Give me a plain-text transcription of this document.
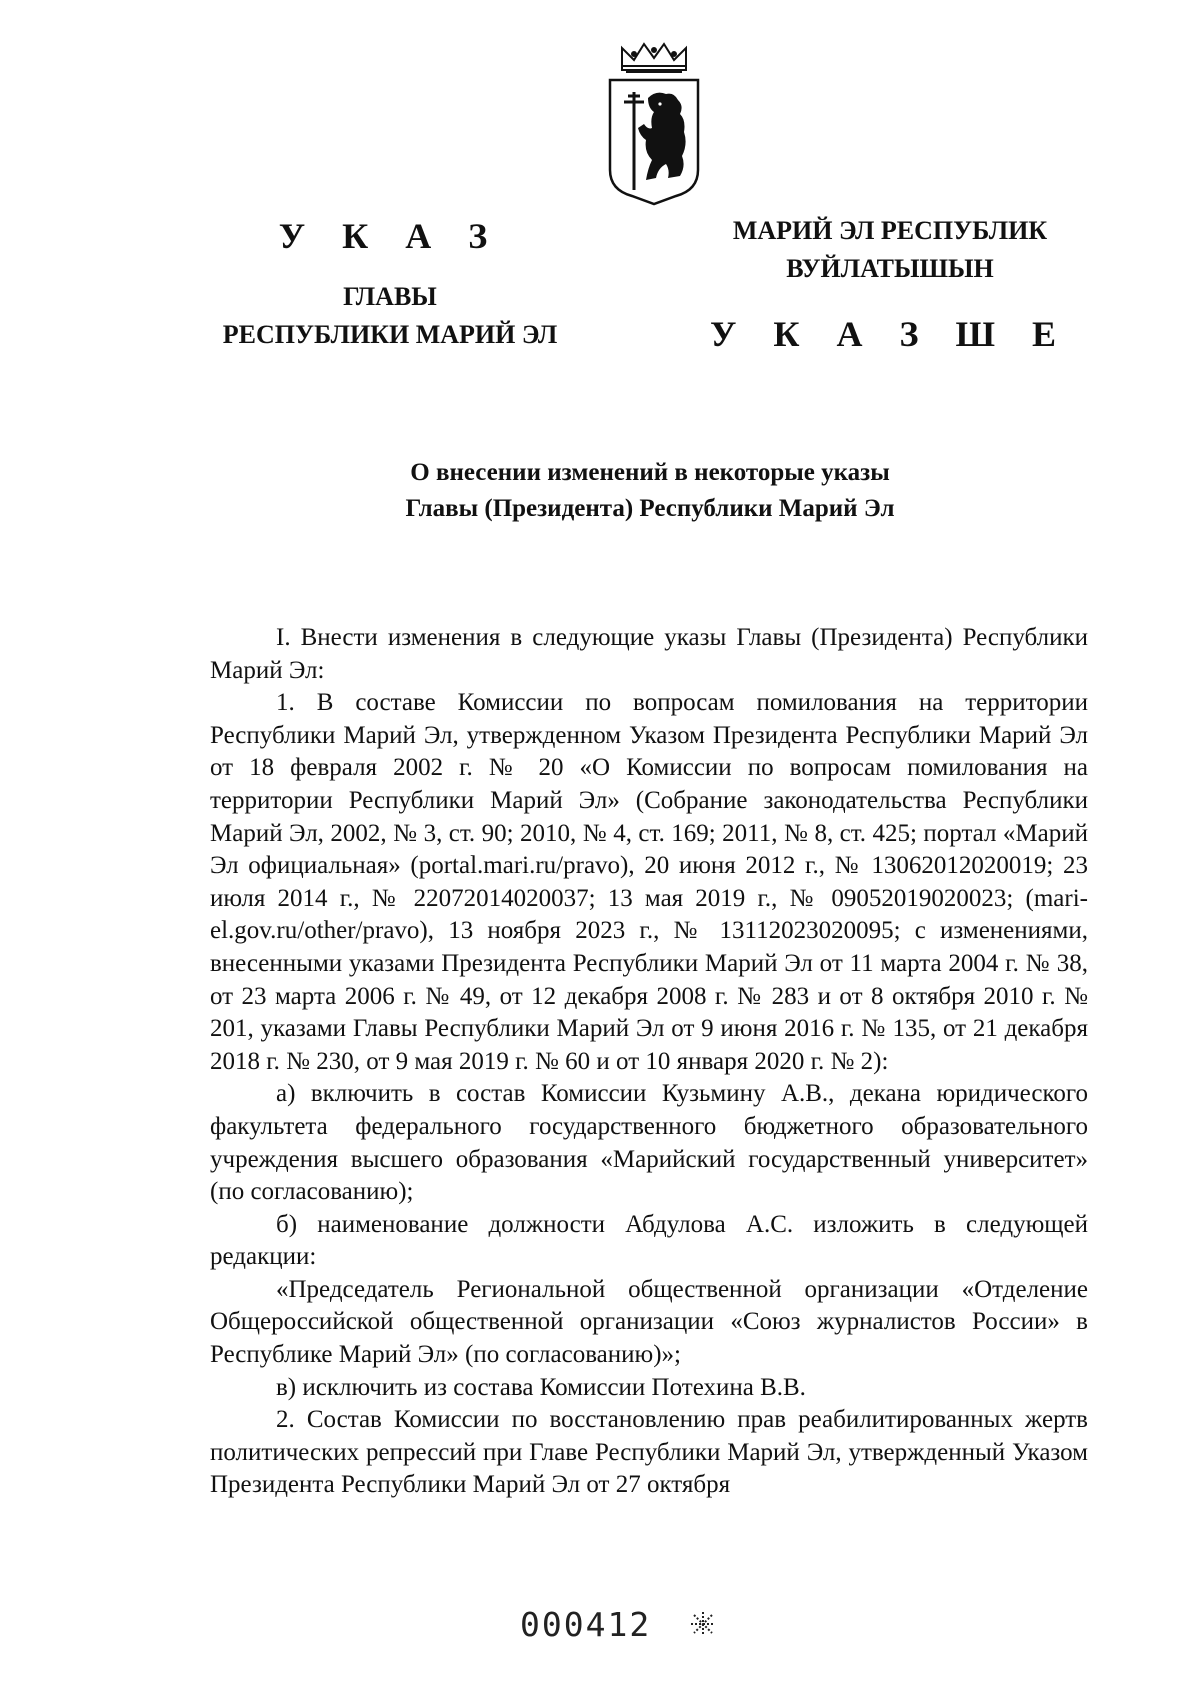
У К А З
ГЛАВЫ
РЕСПУБЛИКИ МАРИЙ ЭЛ
МАРИЙ ЭЛ РЕСПУБЛИК
ВУЙЛАТЫШЫН
У К А З Ш Е
О внесении изменений в некоторые указы
Главы (Президента) Республики Марий Эл

I. Внести изменения в следующие указы Главы (Президента) Республики Марий Эл:

1. В составе Комиссии по вопросам помилования на территории Республики Марий Эл, утвержденном Указом Президента Республики Марий Эл от 18 февраля 2002 г. № 20 «О Комиссии по вопросам помилования на территории Республики Марий Эл» (Собрание законодательства Республики Марий Эл, 2002, № 3, ст. 90; 2010, № 4, ст. 169; 2011, № 8, ст. 425; портал «Марий Эл официальная» (portal.mari.ru/pravo), 20 июня 2012 г., № 13062012020019; 23 июля 2014 г., № 22072014020037; 13 мая 2019 г., № 09052019020023; (mari-el.gov.ru/other/pravo), 13 ноября 2023 г., № 13112023020095; с изменениями, внесенными указами Президента Республики Марий Эл от 11 марта 2004 г. № 38, от 23 марта 2006 г. № 49, от 12 декабря 2008 г. № 283 и от 8 октября 2010 г. № 201, указами Главы Республики Марий Эл от 9 июня 2016 г. № 135, от 21 декабря 2018 г. № 230, от 9 мая 2019 г. № 60 и от 10 января 2020 г. № 2):

а) включить в состав Комиссии Кузьмину А.В., декана юридического факультета федерального государственного бюджетного образовательного учреждения высшего образования «Марийский государственный университет» (по согласованию);

б) наименование должности Абдулова А.С. изложить в следующей редакции:

«Председатель Региональной общественной организации «Отделение Общероссийской общественной организации «Союз журналистов России» в Республике Марий Эл» (по согласованию)»;

в) исключить из состава Комиссии Потехина В.В.

2. Состав Комиссии по восстановлению прав реабилитированных жертв политических репрессий при Главе Республики Марий Эл, утвержденный Указом Президента Республики Марий Эл от 27 октября

000412
